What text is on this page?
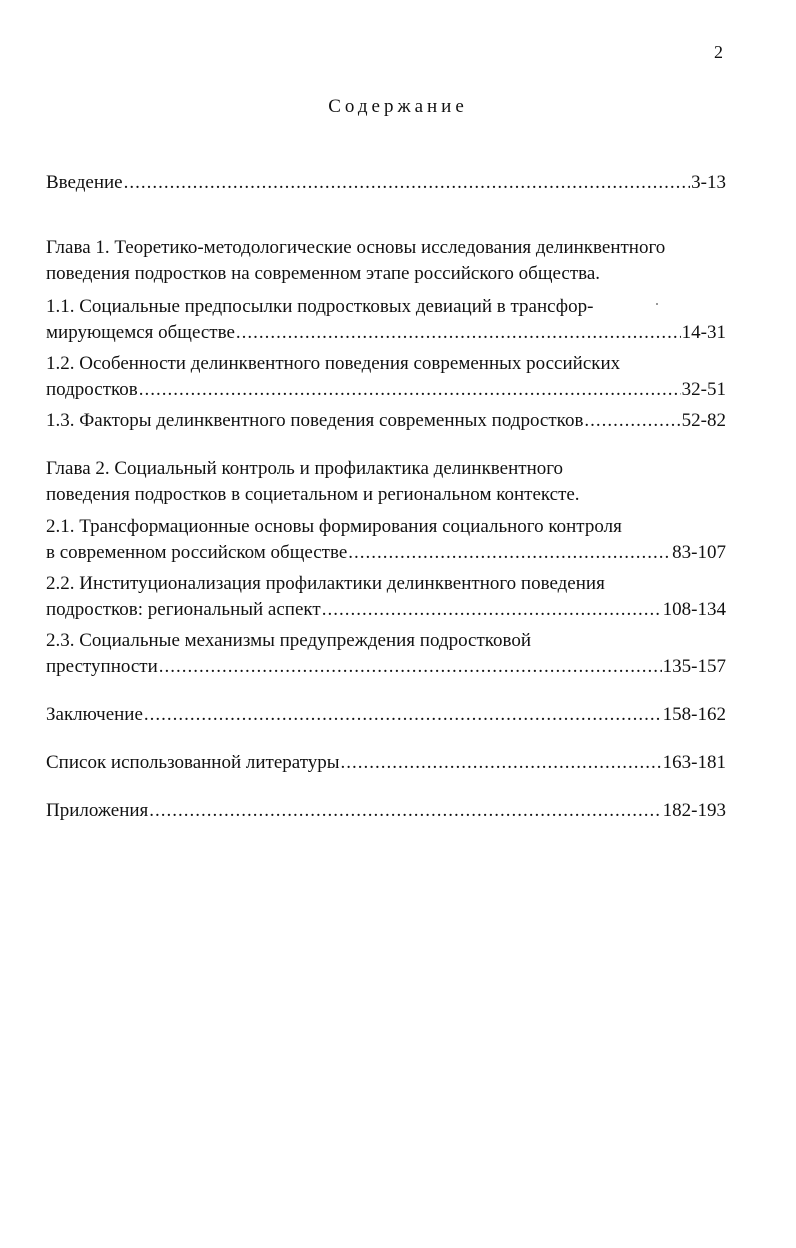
2
Содержание
Введение .....	3-13
Глава 1. Теоретико-методологические основы исследования делинквентного
поведения подростков на современном этапе российского общества.
1.1. Социальные предпосылки подростковых девиаций в трансфор-
мирующемся обществе .....	14-31
1.2. Особенности делинквентного поведения современных российских
подростков .....	32-51
1.3. Факторы делинквентного поведения современных подростков .....	52-82
Глава 2. Социальный контроль и профилактика делинквентного
поведения подростков в социетальном и региональном контексте.
2.1. Трансформационные основы формирования социального контроля
в современном российском обществе .....	83-107
2.2. Институционализация профилактики делинквентного поведения
подростков: региональный аспект .....	108-134
2.3. Социальные механизмы предупреждения подростковой
преступности .....	135-157
Заключение .....	158-162
Список использованной литературы .....	163-181
Приложения .....	182-193
